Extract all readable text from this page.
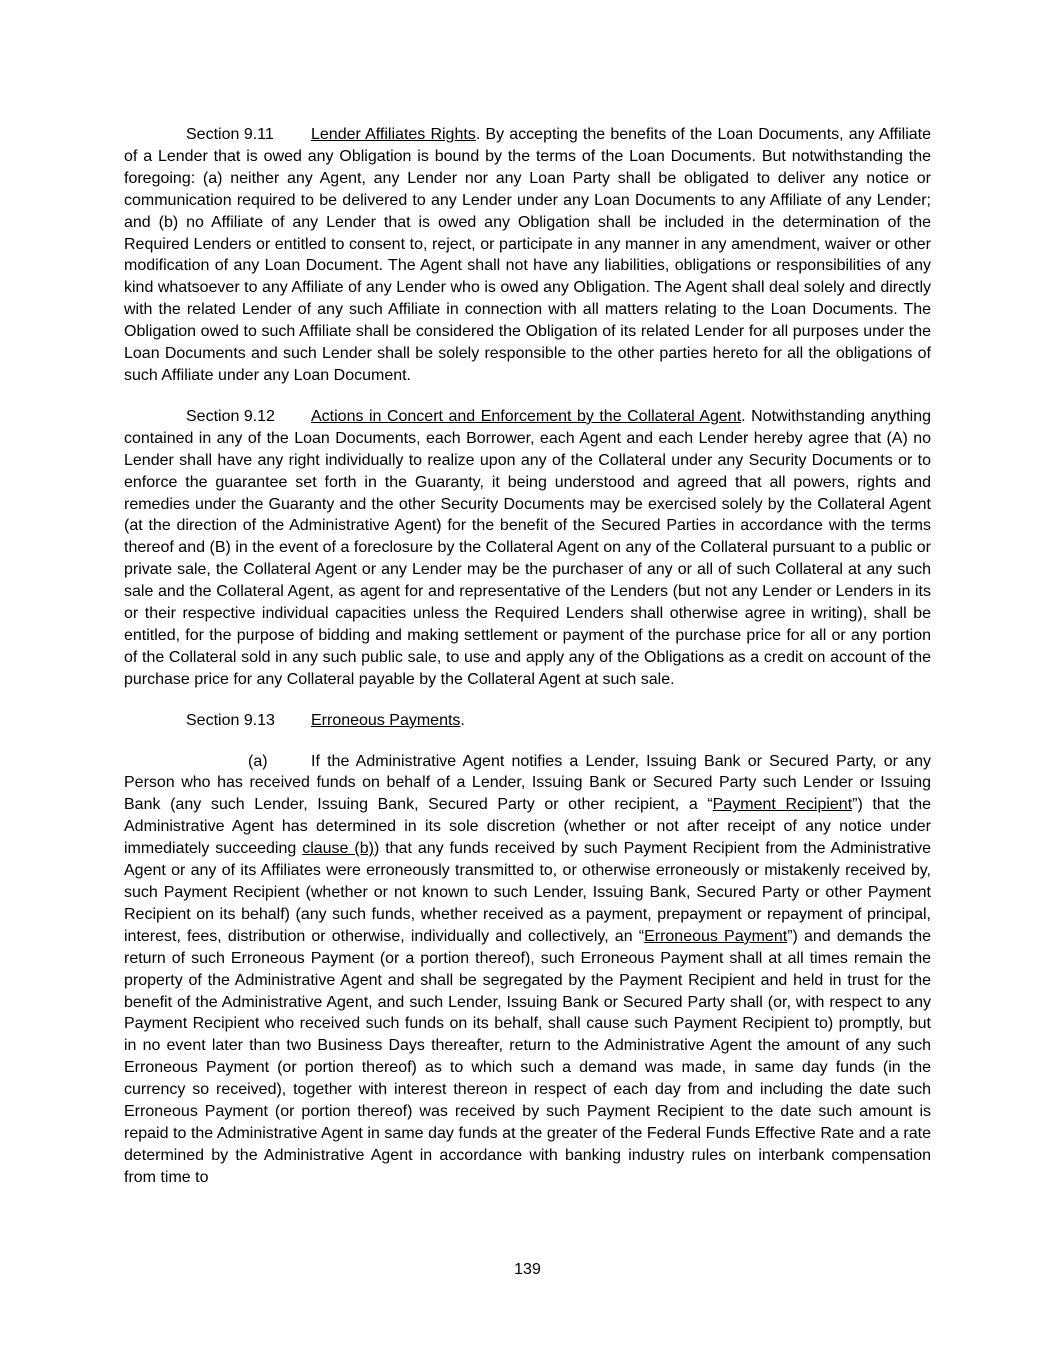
Section 9.11 Lender Affiliates Rights. By accepting the benefits of the Loan Documents, any Affiliate of a Lender that is owed any Obligation is bound by the terms of the Loan Documents. But notwithstanding the foregoing: (a) neither any Agent, any Lender nor any Loan Party shall be obligated to deliver any notice or communication required to be delivered to any Lender under any Loan Documents to any Affiliate of any Lender; and (b) no Affiliate of any Lender that is owed any Obligation shall be included in the determination of the Required Lenders or entitled to consent to, reject, or participate in any manner in any amendment, waiver or other modification of any Loan Document. The Agent shall not have any liabilities, obligations or responsibilities of any kind whatsoever to any Affiliate of any Lender who is owed any Obligation. The Agent shall deal solely and directly with the related Lender of any such Affiliate in connection with all matters relating to the Loan Documents. The Obligation owed to such Affiliate shall be considered the Obligation of its related Lender for all purposes under the Loan Documents and such Lender shall be solely responsible to the other parties hereto for all the obligations of such Affiliate under any Loan Document.

Section 9.12 Actions in Concert and Enforcement by the Collateral Agent. Notwithstanding anything contained in any of the Loan Documents, each Borrower, each Agent and each Lender hereby agree that (A) no Lender shall have any right individually to realize upon any of the Collateral under any Security Documents or to enforce the guarantee set forth in the Guaranty, it being understood and agreed that all powers, rights and remedies under the Guaranty and the other Security Documents may be exercised solely by the Collateral Agent (at the direction of the Administrative Agent) for the benefit of the Secured Parties in accordance with the terms thereof and (B) in the event of a foreclosure by the Collateral Agent on any of the Collateral pursuant to a public or private sale, the Collateral Agent or any Lender may be the purchaser of any or all of such Collateral at any such sale and the Collateral Agent, as agent for and representative of the Lenders (but not any Lender or Lenders in its or their respective individual capacities unless the Required Lenders shall otherwise agree in writing), shall be entitled, for the purpose of bidding and making settlement or payment of the purchase price for all or any portion of the Collateral sold in any such public sale, to use and apply any of the Obligations as a credit on account of the purchase price for any Collateral payable by the Collateral Agent at such sale.

Section 9.13 Erroneous Payments.

(a)	If the Administrative Agent notifies a Lender, Issuing Bank or Secured Party, or any Person who has received funds on behalf of a Lender, Issuing Bank or Secured Party such Lender or Issuing Bank (any such Lender, Issuing Bank, Secured Party or other recipient, a “Payment Recipient”) that the Administrative Agent has determined in its sole discretion (whether or not after receipt of any notice under immediately succeeding clause (b)) that any funds received by such Payment Recipient from the Administrative Agent or any of its Affiliates were erroneously transmitted to, or otherwise erroneously or mistakenly received by, such Payment Recipient (whether or not known to such Lender, Issuing Bank, Secured Party or other Payment Recipient on its behalf) (any such funds, whether received as a payment, prepayment or repayment of principal, interest, fees, distribution or otherwise, individually and collectively, an “Erroneous Payment”) and demands the return of such Erroneous Payment (or a portion thereof), such Erroneous Payment shall at all times remain the property of the Administrative Agent and shall be segregated by the Payment Recipient and held in trust for the benefit of the Administrative Agent, and such Lender, Issuing Bank or Secured Party shall (or, with respect to any Payment Recipient who received such funds on its behalf, shall cause such Payment Recipient to) promptly, but in no event later than two Business Days thereafter, return to the Administrative Agent the amount of any such Erroneous Payment (or portion thereof) as to which such a demand was made, in same day funds (in the currency so received), together with interest thereon in respect of each day from and including the date such Erroneous Payment (or portion thereof) was received by such Payment Recipient to the date such amount is repaid to the Administrative Agent in same day funds at the greater of the Federal Funds Effective Rate and a rate determined by the Administrative Agent in accordance with banking industry rules on interbank compensation from time to

139
